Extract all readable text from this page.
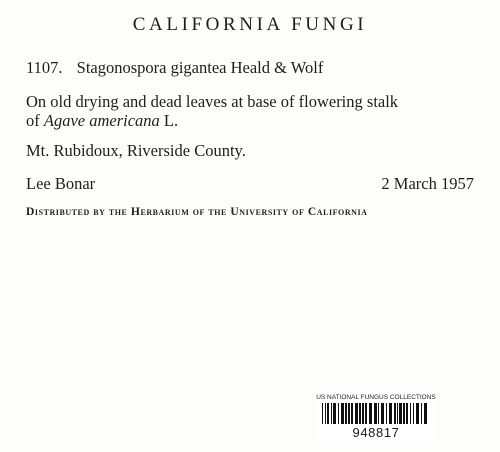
CALIFORNIA FUNGI
1107. Stagonospora gigantea Heald & Wolf
On old drying and dead leaves at base of flowering stalk
of Agave americana L.
Mt. Rubidoux, Riverside County.
Lee Bonar	2 March 1957
Distributed by the Herbarium of the University of California
US NATIONAL FUNGUS COLLECTIONS
948817
